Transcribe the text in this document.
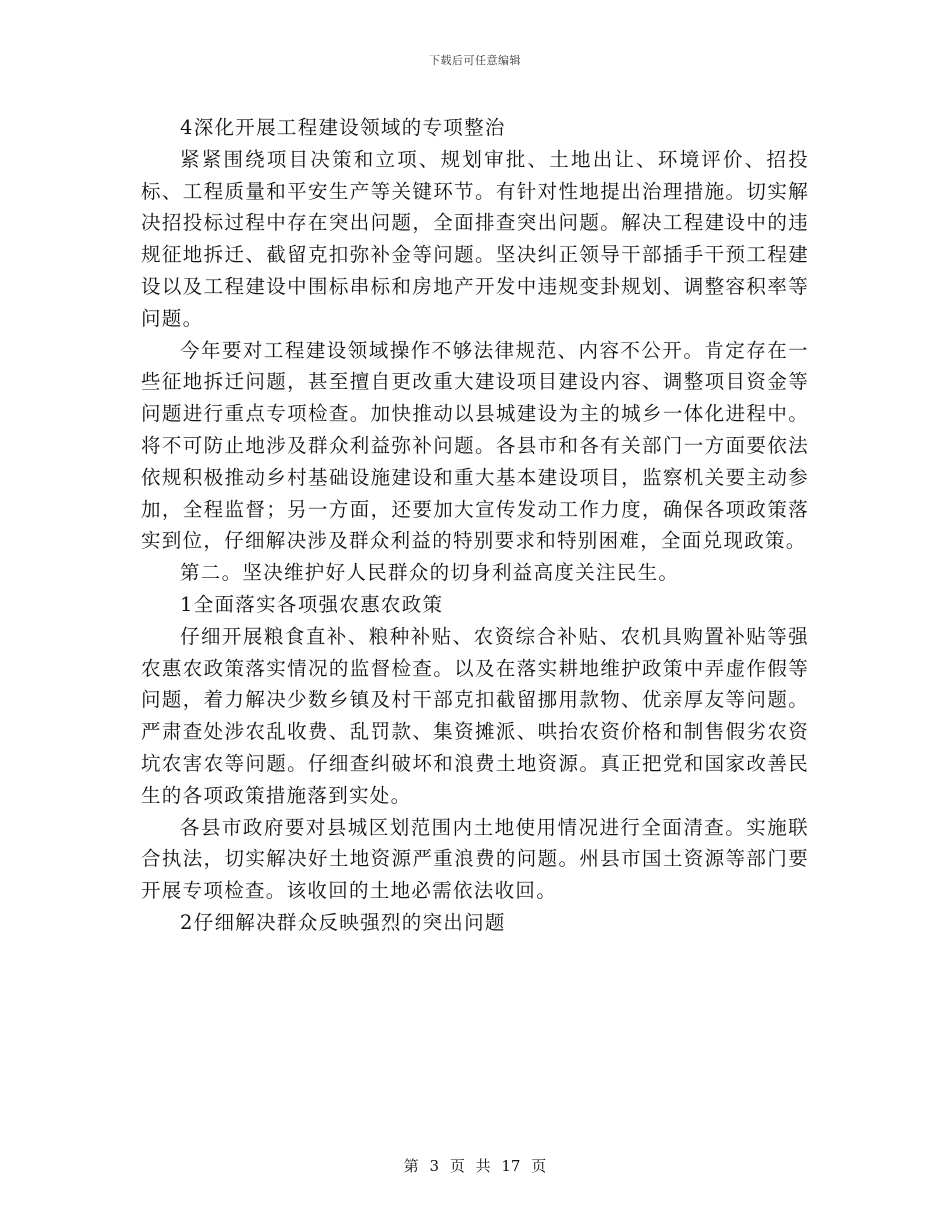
下载后可任意编辑

4深化开展工程建设领域的专项整治

紧紧围绕项目决策和立项、规划审批、土地出让、环境评价、招投标、工程质量和平安生产等关键环节。有针对性地提出治理措施。切实解决招投标过程中存在突出问题，全面排查突出问题。解决工程建设中的违规征地拆迁、截留克扣弥补金等问题。坚决纠正领导干部插手干预工程建设以及工程建设中围标串标和房地产开发中违规变卦规划、调整容积率等问题。

今年要对工程建设领域操作不够法律规范、内容不公开。肯定存在一些征地拆迁问题，甚至擅自更改重大建设项目建设内容、调整项目资金等问题进行重点专项检查。加快推动以县城建设为主的城乡一体化进程中。将不可防止地涉及群众利益弥补问题。各县市和各有关部门一方面要依法依规积极推动乡村基础设施建设和重大基本建设项目，监察机关要主动参加，全程监督；另一方面，还要加大宣传发动工作力度，确保各项政策落实到位，仔细解决涉及群众利益的特别要求和特别困难，全面兑现政策。

第二。坚决维护好人民群众的切身利益高度关注民生。

1全面落实各项强农惠农政策

仔细开展粮食直补、粮种补贴、农资综合补贴、农机具购置补贴等强农惠农政策落实情况的监督检查。以及在落实耕地维护政策中弄虚作假等问题，着力解决少数乡镇及村干部克扣截留挪用款物、优亲厚友等问题。严肃查处涉农乱收费、乱罚款、集资摊派、哄抬农资价格和制售假劣农资坑农害农等问题。仔细查纠破坏和浪费土地资源。真正把党和国家改善民生的各项政策措施落到实处。

各县市政府要对县城区划范围内土地使用情况进行全面清查。实施联合执法，切实解决好土地资源严重浪费的问题。州县市国土资源等部门要开展专项检查。该收回的土地必需依法收回。

2仔细解决群众反映强烈的突出问题

第 3 页 共 17 页
